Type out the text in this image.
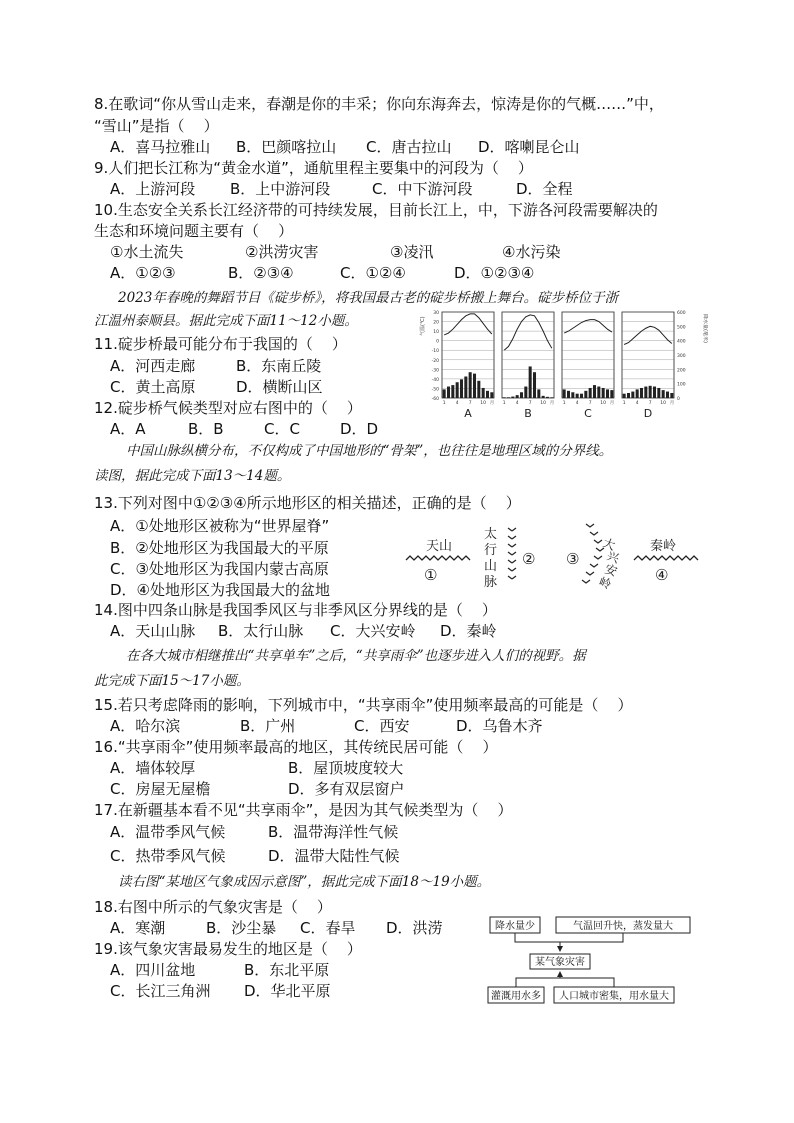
8.在歌词“你从雪山走来，春潮是你的丰采；你向东海奔去，惊涛是你的气概……”中，
“雪山”是指（    ）
A．喜马拉雅山 B．巴颜喀拉山 C．唐古拉山 D．喀喇昆仑山
9.人们把长江称为“黄金水道”，通航里程主要集中的河段为（    ）
A．上游河段 B．上中游河段	C．中下游河段	D．全程
10.生态安全关系长江经济带的可持续发展，目前长江上，中，下游各河段需要解决的
生态和环境问题主要有（    ）
①水土流失	②洪涝灾害	③凌汛	④水污染
A．①②③	B．②③④	C．①②④	D．①②③④
2023年春晚的舞蹈节目《碇步桥》，将我国最古老的碇步桥搬上舞台。碇步桥位于浙
江温州泰顺县。据此完成下面11～12小题。
11.碇步桥最可能分布于我国的（    ）
A．河西走廊	B．东南丘陵
C．黄土高原	D．横断山区
12.碇步桥气候类型对应右图中的（    ）
A．A	B．B	C．C	D．D
气温(℃)	降水量(毫米)
30
20
10
0
-10
-20
-30
-40
-50
-60
600
500
400
300
200
100
0
1 4 7 10 月
A
1 4 7 10 月
B
1 4 7 10 月
C
1 4 7 10 月
D
中国山脉纵横分布，不仅构成了中国地形的“骨架”，也往往是地理区域的分界线。
读图，据此完成下面13～14题。
13.下列对图中①②③④所示地形区的相关描述，正确的是（    ）
A．①处地形区被称为“世界屋脊”
B．②处地形区为我国最大的平原
C．③处地形区为我国内蒙古高原
D．④处地形区为我国最大的盆地
天山
①
太
行
山
脉
② ③
大
兴
安
岭
秦岭
④
14.图中四条山脉是我国季风区与非季风区分界线的是（    ）
A．天山山脉 B．太行山脉 C．大兴安岭 D．秦岭
在各大城市相继推出“共享单车”之后，“共享雨伞”也逐步进入人们的视野。据
此完成下面15～17小题。
15.若只考虑降雨的影响，下列城市中，“共享雨伞”使用频率最高的可能是（    ）
A．哈尔滨	B．广州	C．西安	D．乌鲁木齐
16.“共享雨伞”使用频率最高的地区，其传统民居可能（    ）
A．墙体较厚	B．屋顶坡度较大
C．房屋无屋檐	D．多有双层窗户
17.在新疆基本看不见“共享雨伞”，是因为其气候类型为（    ）
A．温带季风气候	B．温带海洋性气候
C．热带季风气候	D．温带大陆性气候
读右图“某地区气象成因示意图”，据此完成下面18～19小题。
18.右图中所示的气象灾害是（    ）
A．寒潮	B．沙尘暴 C．春旱 D．洪涝
19.该气象灾害最易发生的地区是（    ）
A．四川盆地	B．东北平原
C．长江三角洲 D．华北平原
降水量少	气温回升快，蒸发量大
某气象灾害
灌溉用水多 人口城市密集，用水量大
